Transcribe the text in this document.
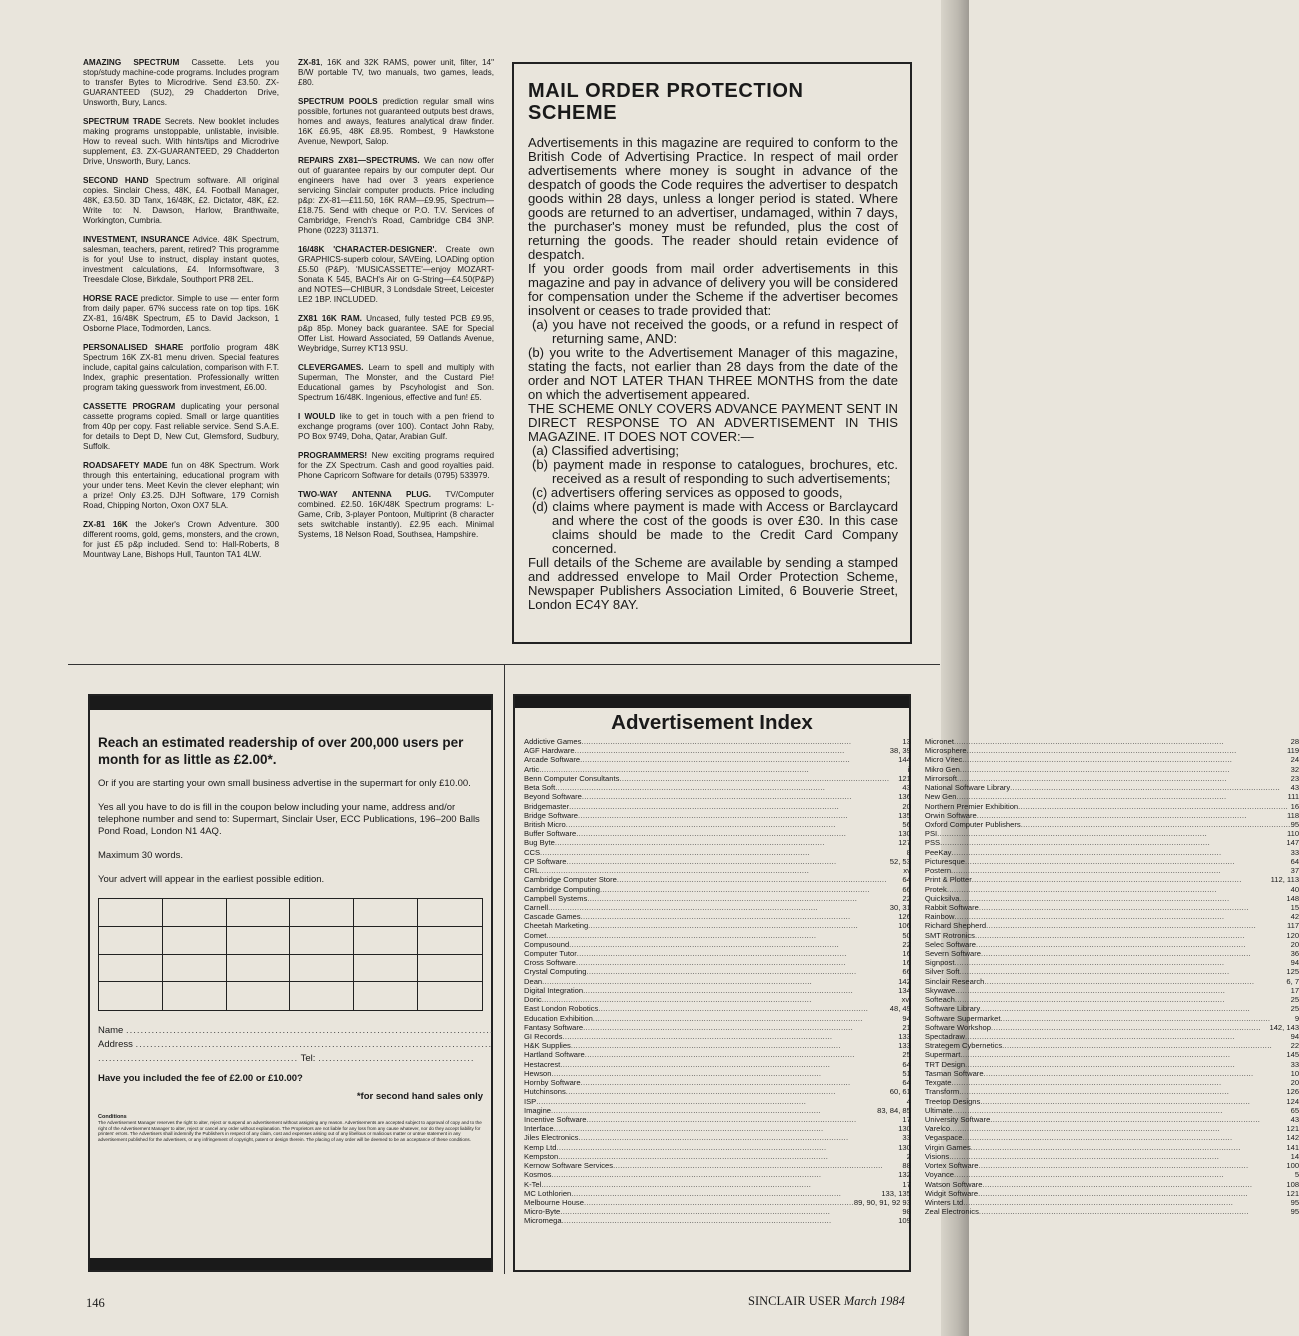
AMAZING SPECTRUM Cassette. Lets you stop/study machine-code programs. Includes program to transfer Bytes to Microdrive. Send £3.50. ZX-GUARANTEED (SU2), 29 Chadderton Drive, Unsworth, Bury, Lancs.

SPECTRUM TRADE Secrets. New booklet includes making programs unstoppable, unlistable, invisible. How to reveal such. With hints/tips and Microdrive supplement, £3. ZX-GUARANTEED, 29 Chadderton Drive, Unsworth, Bury, Lancs.

SECOND HAND Spectrum software. All original copies. Sinclair Chess, 48K, £4. Football Manager, 48K, £3.50. 3D Tanx, 16/48K, £2. Dictator, 48K, £2. Write to: N. Dawson, Harlow, Branthwaite, Workington, Cumbria.

INVESTMENT, INSURANCE Advice. 48K Spectrum, salesman, teachers, parent, retired? This programme is for you! Use to instruct, display instant quotes, investment calculations, £4. Informsoftware, 3 Treesdale Close, Birkdale, Southport PR8 2EL.

HORSE RACE predictor. Simple to use — enter form from daily paper. 67% success rate on top tips. 16K ZX-81, 16/48K Spectrum, £5 to David Jackson, 1 Osborne Place, Todmorden, Lancs.

PERSONALISED SHARE portfolio program 48K Spectrum 16K ZX-81 menu driven. Special features include, capital gains calculation, comparison with F.T. Index, graphic presentation. Professionally written program taking guesswork from investment, £6.00.

CASSETTE PROGRAM duplicating your personal cassette programs copied. Small or large quantities from 40p per copy. Fast reliable service. Send S.A.E. for details to Dept D, New Cut, Glemsford, Sudbury, Suffolk.

ROADSAFETY MADE fun on 48K Spectrum. Work through this entertaining, educational program with your under tens. Meet Kevin the clever elephant; win a prize! Only £3.25. DJH Software, 179 Cornish Road, Chipping Norton, Oxon OX7 5LA.

ZX-81 16K the Joker's Crown Adventure. 300 different rooms, gold, gems, monsters, and the crown, for just £5 p&p included. Send to: Hall-Roberts, 8 Mountway Lane, Bishops Hull, Taunton TA1 4LW.

ZX-81, 16K and 32K RAMS, power unit, filter, 14" B/W portable TV, two manuals, two games, leads, £80.

SPECTRUM POOLS prediction regular small wins possible, fortunes not guaranteed outputs best draws, homes and aways, features analytical draw finder. 16K £6.95, 48K £8.95. Rombest, 9 Hawkstone Avenue, Newport, Salop.

REPAIRS ZX81—SPECTRUMS. We can now offer out of guarantee repairs by our computer dept. Our engineers have had over 3 years experience servicing Sinclair computer products. Price including p&p: ZX-81—£11.50, 16K RAM—£9.95, Spectrum—£18.75. Send with cheque or P.O. T.V. Services of Cambridge, French's Road, Cambridge CB4 3NP. Phone (0223) 311371.

16/48K 'CHARACTER-DESIGNER'. Create own GRAPHICS-superb colour, SAVEing, LOADing option £5.50 (P&P). 'MUSICASSETTE'—enjoy MOZART-Sonata K 545, BACH's Air on G-String—£4.50(P&P) and NOTES—CHIBUR, 3 Londsdale Street, Leicester LE2 1BP. INCLUDED.

ZX81 16K RAM. Uncased, fully tested PCB £9.95, p&p 85p. Money back guarantee. SAE for Special Offer List. Howard Associated, 59 Oatlands Avenue, Weybridge, Surrey KT13 9SU.

CLEVERGAMES. Learn to spell and multiply with Superman, The Monster, and the Custard Pie! Educational games by Pscyhologist and Son. Spectrum 16/48K. Ingenious, effective and fun! £5.

I WOULD like to get in touch with a pen friend to exchange programs (over 100). Contact John Raby, PO Box 9749, Doha, Qatar, Arabian Gulf.

PROGRAMMERS! New exciting programs required for the ZX Spectrum. Cash and good royalties paid. Phone Capricorn Software for details (0795) 533979.

TWO-WAY ANTENNA PLUG. TV/Computer combined. £2.50. 16K/48K Spectrum programs: L-Game, Crib, 3-player Pontoon, Multiprint (8 character sets switchable instantly). £2.95 each. Minimal Systems, 18 Nelson Road, Southsea, Hampshire.

MAIL ORDER PROTECTION SCHEME

Advertisements in this magazine are required to conform to the British Code of Advertising Practice. In respect of mail order advertisements where money is sought in advance of the despatch of goods the Code requires the advertiser to despatch goods within 28 days, unless a longer period is stated. Where goods are returned to an advertiser, undamaged, within 7 days, the purchaser's money must be refunded, plus the cost of returning the goods. The reader should retain evidence of despatch.

If you order goods from mail order advertisements in this magazine and pay in advance of delivery you will be considered for compensation under the Scheme if the advertiser becomes insolvent or ceases to trade provided that:

(a) you have not received the goods, or a refund in respect of returning same, AND:

(b) you write to the Advertisement Manager of this magazine, stating the facts, not earlier than 28 days from the date of the order and NOT LATER THAN THREE MONTHS from the date on which the advertisement appeared.

THE SCHEME ONLY COVERS ADVANCE PAYMENT SENT IN DIRECT RESPONSE TO AN ADVERTISEMENT IN THIS MAGAZINE. IT DOES NOT COVER:—

(a) Classified advertising;

(b) payment made in response to catalogues, brochures, etc. received as a result of responding to such advertisements;

(c) advertisers offering services as opposed to goods,

(d) claims where payment is made with Access or Barclaycard and where the cost of the goods is over £30. In this case claims should be made to the Credit Card Company concerned.

Full details of the Scheme are available by sending a stamped and addressed envelope to Mail Order Protection Scheme, Newspaper Publishers Association Limited, 6 Bouverie Street, London EC4Y 8AY.

Reach an estimated readership of over 200,000 users per month for as little as £2.00*.
Or if you are starting your own small business advertise in the supermart for only £10.00.
Yes all you have to do is fill in the coupon below including your name, address and/or telephone number and send to: Supermart, Sinclair User, ECC Publications, 196–200 Balls Pond Road, London N1 4AQ.
Maximum 30 words.
Your advert will appear in the earliest possible edition.
Name .....................................................................................................
Address ..................................................................................................
....................................................... Tel: ...........................................
Have you included the fee of £2.00 or £10.00?
*for second hand sales only
Conditions
The Advertisement Manager reserves the right to alter, reject or suspend an advertisement without assigning any reason. Advertisements are accepted subject to approval of copy and to the right of the Advertisement Manager to alter, reject or cancel any order without explanation. The Proprietors are not liable for any loss from any cause whatever, nor do they accept liability for printers' errors. The Advertisers shall indemnify the Publishers in respect of any claim, cost and expenses arising out of any libellous or malicious matter or untrue statement in any advertisement published for the advertisers, or any infringement of copyright, patent or design therein. The placing of any order will be deemed to be an acceptance of these conditions.
Advertisement Index
Addictive Games .....	13
AGF Hardware .....	38, 39
Arcade Software .....	144
Artic .....	ii
Benn Computer Consultants .....	121
Beta Soft .....	43
Beyond Software .....	136
Bridgemaster .....	20
Bridge Software .....	135
British Micro .....	56
Buffer Software .....	130
Bug Byte .....	127
CCS .....	8
CP Software .....	52, 53
CRL .....	xv
Cambridge Computer Store .....	64
Cambridge Computing .....	66
Campbell Systems .....	22
Carnell .....	30, 31
Cascade Games .....	126
Cheetah Marketing .....	106
Comet .....	50
Compusound .....	22
Computer Tutor .....	16
Cross Software .....	16
Crystal Computing .....	66
Dean .....	142
Digital Integration .....	134
Doric .....	xvi
East London Robotics .....	48, 49
Education Exhibition .....	94
Fantasy Software .....	21
GI Records .....	133
H&K Supplies .....	133
Hartland Software .....	25
Hestacrest .....	64
Hewson .....	51
Hornby Software .....	64
Hutchinsons .....	60, 61
ISP .....	4
Imagine .....	83, 84, 85
Incentive Software .....	17
Interface .....	130
Jiles Electronics .....	33
Kemp Ltd .....	130
Kempston .....	2
Kernow Software Services .....	88
Kosmos .....	132
K-Tel .....	17
MC Lothlorien .....	133, 135
Melbourne House .....	89, 90, 91, 92 93
Micro-Byte .....	98
Micromega .....	109
Micronet .....	28
Microsphere .....	119
Micro Vitec .....	24
Mikro Gen .....	32
Mirrorsoft .....	23
National Software Library .....	43
New Gen .....	111
Northern Premier Exhibition .....	16
Orwin Software .....	118
Oxford Computer Publishers .....	95
PSI .....	110
PSS .....	147
PeeKay .....	33
Picturesque .....	64
Postern .....	37
Print & Plotter .....	112, 113
Protek .....	40
Quicksilva .....	148
Rabbit Software .....	15
Rainbow .....	42
Richard Shepherd .....	117
SMT Rotronics .....	120
Selec Software .....	20
Severn Software .....	36
Signpost .....	94
Silver Soft .....	125
Sinclair Research .....	6, 7
Skywave .....	17
Softeach .....	25
Software Library .....	25
Software Supermarket .....	9
Software Workshop .....	142, 143
Spectadraw .....	94
Strategem Cybernetics .....	22
Supermart .....	145
TRT Design .....	33
Tasman Software .....	10
Texgate .....	20
Transform .....	126
Treetop Designs .....	124
Ultimate .....	65
University Software .....	43
Varelco .....	121
Vegaspace .....	142
Virgin Games .....	141
Visions .....	14
Vortex Software .....	100
Voyance .....	5
Watson Software .....	108
Widgit Software .....	121
Winters Ltd .....	95
Zeal Electronics .....	95
146	SINCLAIR USER March 1984
